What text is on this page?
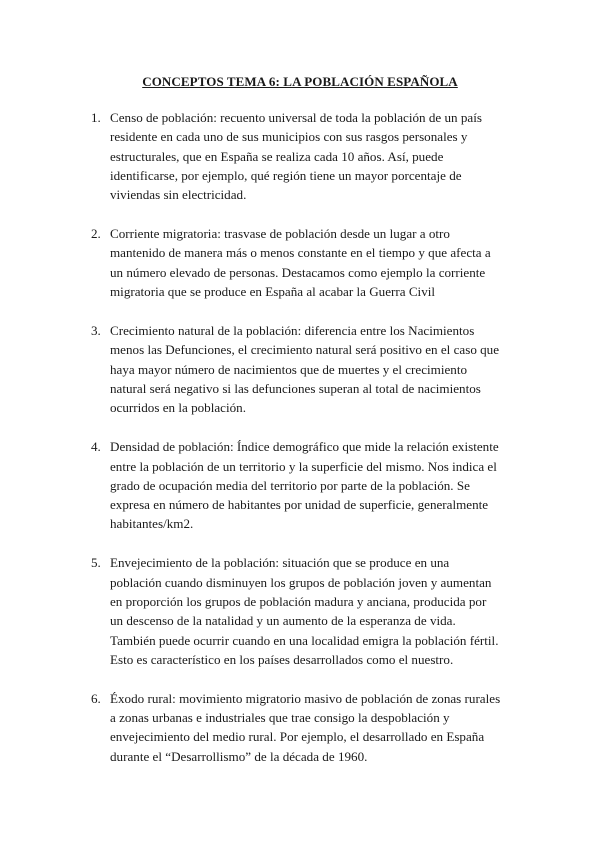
CONCEPTOS TEMA 6: LA POBLACIÓN ESPAÑOLA
1. Censo de población: recuento universal de toda la población de un país
residente en cada uno de sus municipios con sus rasgos personales y
estructurales, que en España se realiza cada 10 años. Así, puede
identificarse, por ejemplo, qué región tiene un mayor porcentaje de
viviendas sin electricidad.
2. Corriente migratoria: trasvase de población desde un lugar a otro
mantenido de manera más o menos constante en el tiempo y que afecta a
un número elevado de personas. Destacamos como ejemplo la corriente
migratoria que se produce en España al acabar la Guerra Civil
3. Crecimiento natural de la población: diferencia entre los Nacimientos
menos las Defunciones, el crecimiento natural será positivo en el caso que
haya mayor número de nacimientos que de muertes y el crecimiento
natural será negativo si las defunciones superan al total de nacimientos
ocurridos en la población.
4. Densidad de población: Índice demográfico que mide la relación existente
entre la población de un territorio y la superficie del mismo. Nos indica el
grado de ocupación media del territorio por parte de la población. Se
expresa en número de habitantes por unidad de superficie, generalmente
habitantes/km2.
5. Envejecimiento de la población: situación que se produce en una
población cuando disminuyen los grupos de población joven y aumentan
en proporción los grupos de población madura y anciana, producida por
un descenso de la natalidad y un aumento de la esperanza de vida.
También puede ocurrir cuando en una localidad emigra la población fértil.
Esto es característico en los países desarrollados como el nuestro.
6. Éxodo rural: movimiento migratorio masivo de población de zonas rurales
a zonas urbanas e industriales que trae consigo la despoblación y
envejecimiento del medio rural. Por ejemplo, el desarrollado en España
durante el “Desarrollismo” de la década de 1960.
